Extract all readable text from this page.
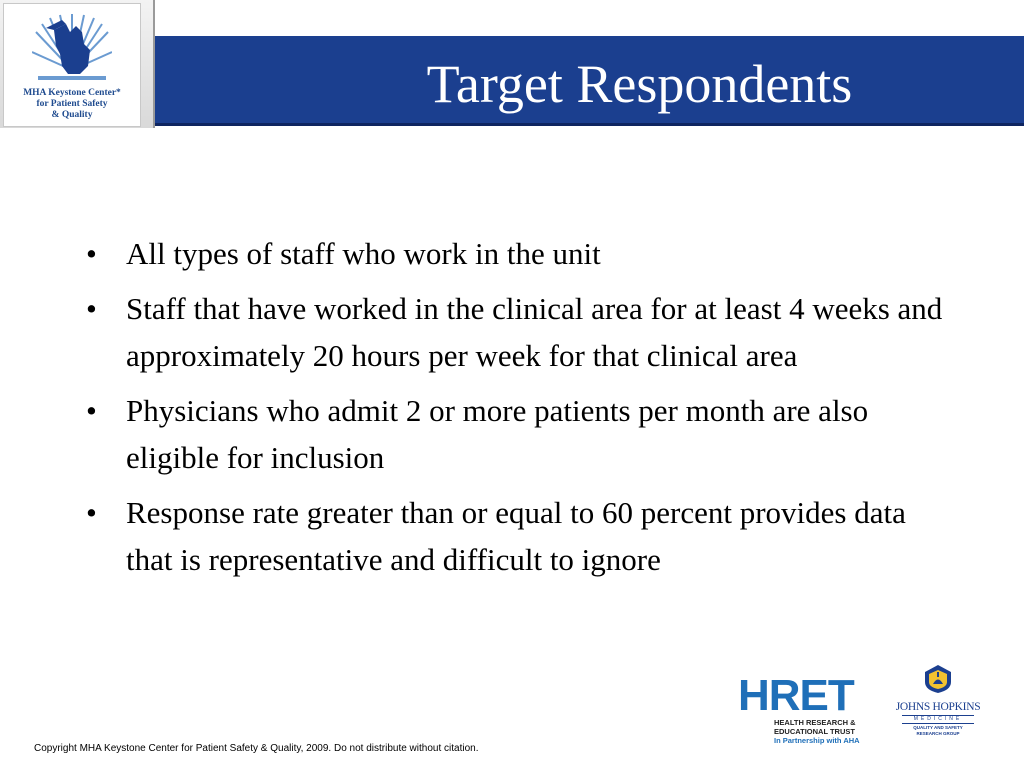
MHA Keystone Center*
for Patient Safety
& Quality
Target Respondents
• All types of staff who work in the unit
• Staff that have worked in the clinical area for at least 4 weeks and approximately 20 hours per week for that clinical area
• Physicians who admit 2 or more patients per month are also eligible for inclusion
• Response rate greater than or equal to 60 percent provides data that is representative and difficult to ignore
HRET
HEALTH RESEARCH &
EDUCATIONAL TRUST
In Partnership with AHA
JOHNS HOPKINS
MEDICINE
QUALITY AND SAFETY
RESEARCH GROUP
Copyright MHA Keystone Center for Patient Safety & Quality, 2009. Do not distribute without citation.
